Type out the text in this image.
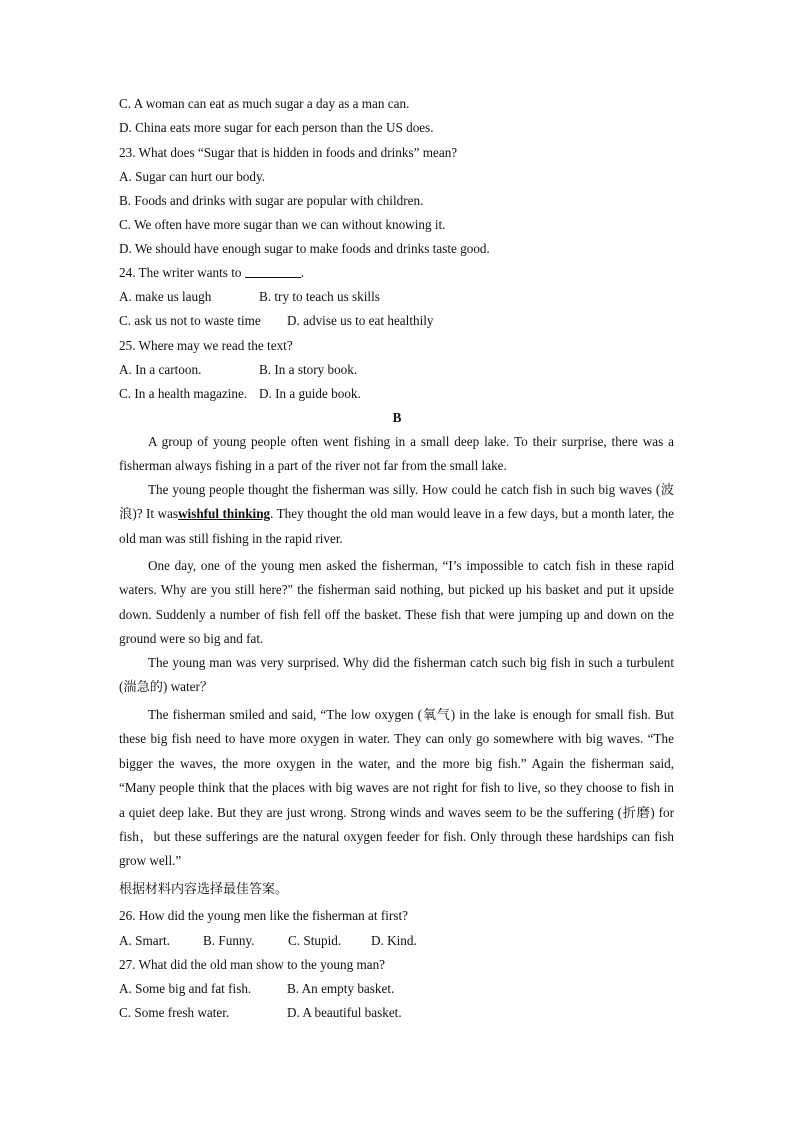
C. A woman can eat as much sugar a day as a man can.
D. China eats more sugar for each person than the US does.
23. What does “Sugar that is hidden in foods and drinks” mean?
A. Sugar can hurt our body.
B. Foods and drinks with sugar are popular with children.
C. We often have more sugar than we can without knowing it.
D. We should have enough sugar to make foods and drinks taste good.
24. The writer wants to	.
A. make us laugh	B. try to teach us skills
C. ask us not to waste time D. advise us to eat healthily
25. Where may we read the text?
A. In a cartoon.	B. In a story book.
C. In a health magazine. D. In a guide book.
B
A group of young people often went fishing in a small deep lake. To their surprise, there was a fisherman always fishing in a part of the river not far from the small lake.
The young people thought the fisherman was silly. How could he catch fish in such big waves (波浪)? It waswishful thinking. They thought the old man would leave in a few days, but a month later, the old man was still fishing in the rapid river.
One day, one of the young men asked the fisherman, “I’s impossible to catch fish in these rapid waters. Why are you still here?" the fisherman said nothing, but picked up his basket and put it upside down. Suddenly a number of fish fell off the basket. These fish that were jumping up and down on the ground were so big and fat.
The young man was very surprised. Why did the fisherman catch such big fish in such a turbulent (湍急的) water？
The fisherman smiled and said, “The low oxygen (氧气) in the lake is enough for small fish. But these big fish need to have more oxygen in water. They can only go somewhere with big waves. “The bigger the waves, the more oxygen in the water, and the more big fish.” Again the fisherman said, “Many people think that the places with big waves are not right for fish to live, so they choose to fish in a quiet deep lake. But they are just wrong. Strong winds and waves seem to be the suffering (折磨) for fish，but these sufferings are the natural oxygen feeder for fish. Only through these hardships can fish grow well.”
根据材料内容选择最佳答案。
26. How did the young men like the fisherman at first?
A. Smart.	B. Funny.	C. Stupid. D. Kind.
27. What did the old man show to the young man?
A. Some big and fat fish.	B. An empty basket.
C. Some fresh water.	D. A beautiful basket.
